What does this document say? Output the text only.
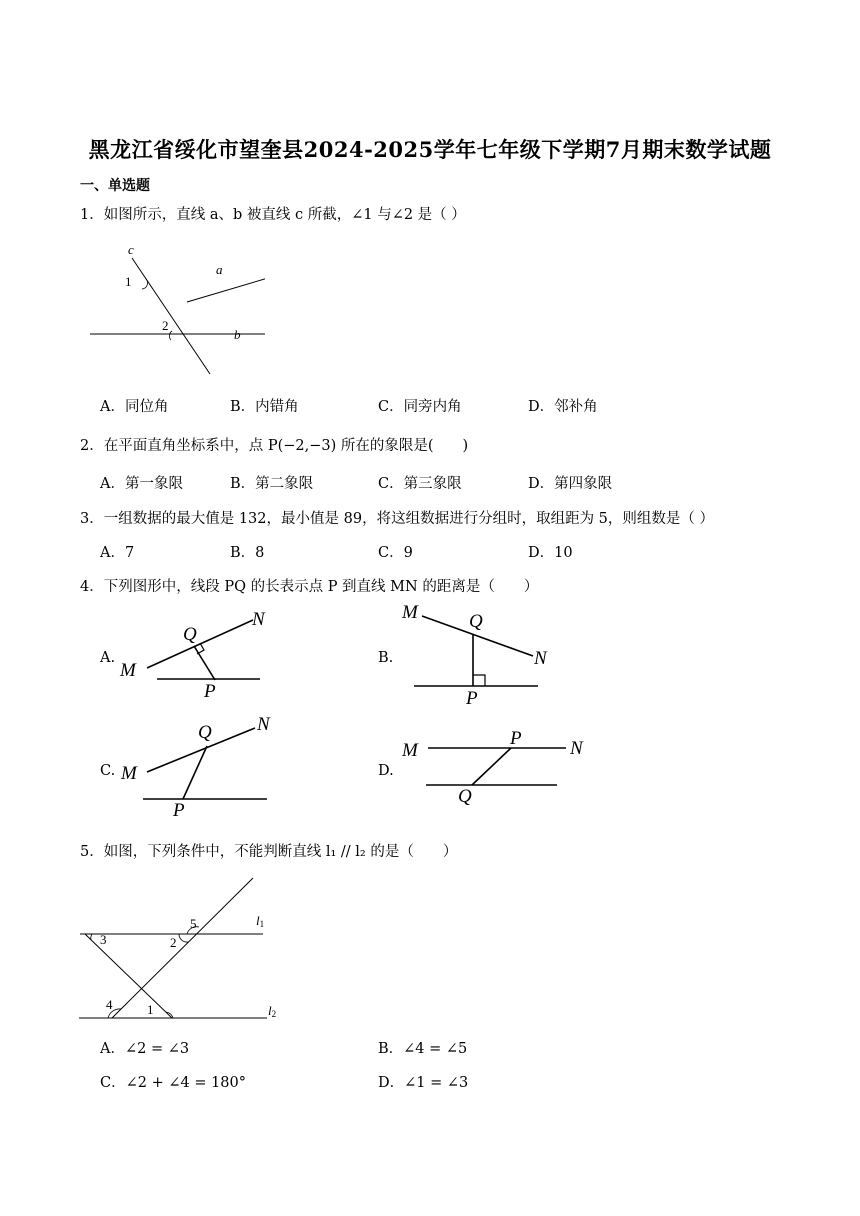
黑龙江省绥化市望奎县2024-2025学年七年级下学期7月期末数学试题
一、单选题
1．如图所示，直线 a、b 被直线 c 所截，∠1 与∠2 是（ ）
c
a
b
1
2
A．同位角	B．内错角	C．同旁内角	D．邻补角
2．在平面直角坐标系中，点 P(−2,−3) 所在的象限是(　　)
A．第一象限	B．第二象限	C．第三象限	D．第四象限
3．一组数据的最大值是 132，最小值是 89，将这组数据进行分组时，取组距为 5，则组数是（ ）
A．7	B．8	C．9	D．10
4．下列图形中，线段 PQ 的长表示点 P 到直线 MN 的距离是（　　）
A.
M
N
Q
P
B.
M
N
Q
P
C. M
N
Q
P
D.
M	N
P
Q
5．如图，下列条件中，不能判断直线 l₁ // l₂ 的是（　　）
3	2
5
4	1
l1
l2
A．∠2 = ∠3	B．∠4 = ∠5
C．∠2 + ∠4 = 180°	D．∠1 = ∠3
